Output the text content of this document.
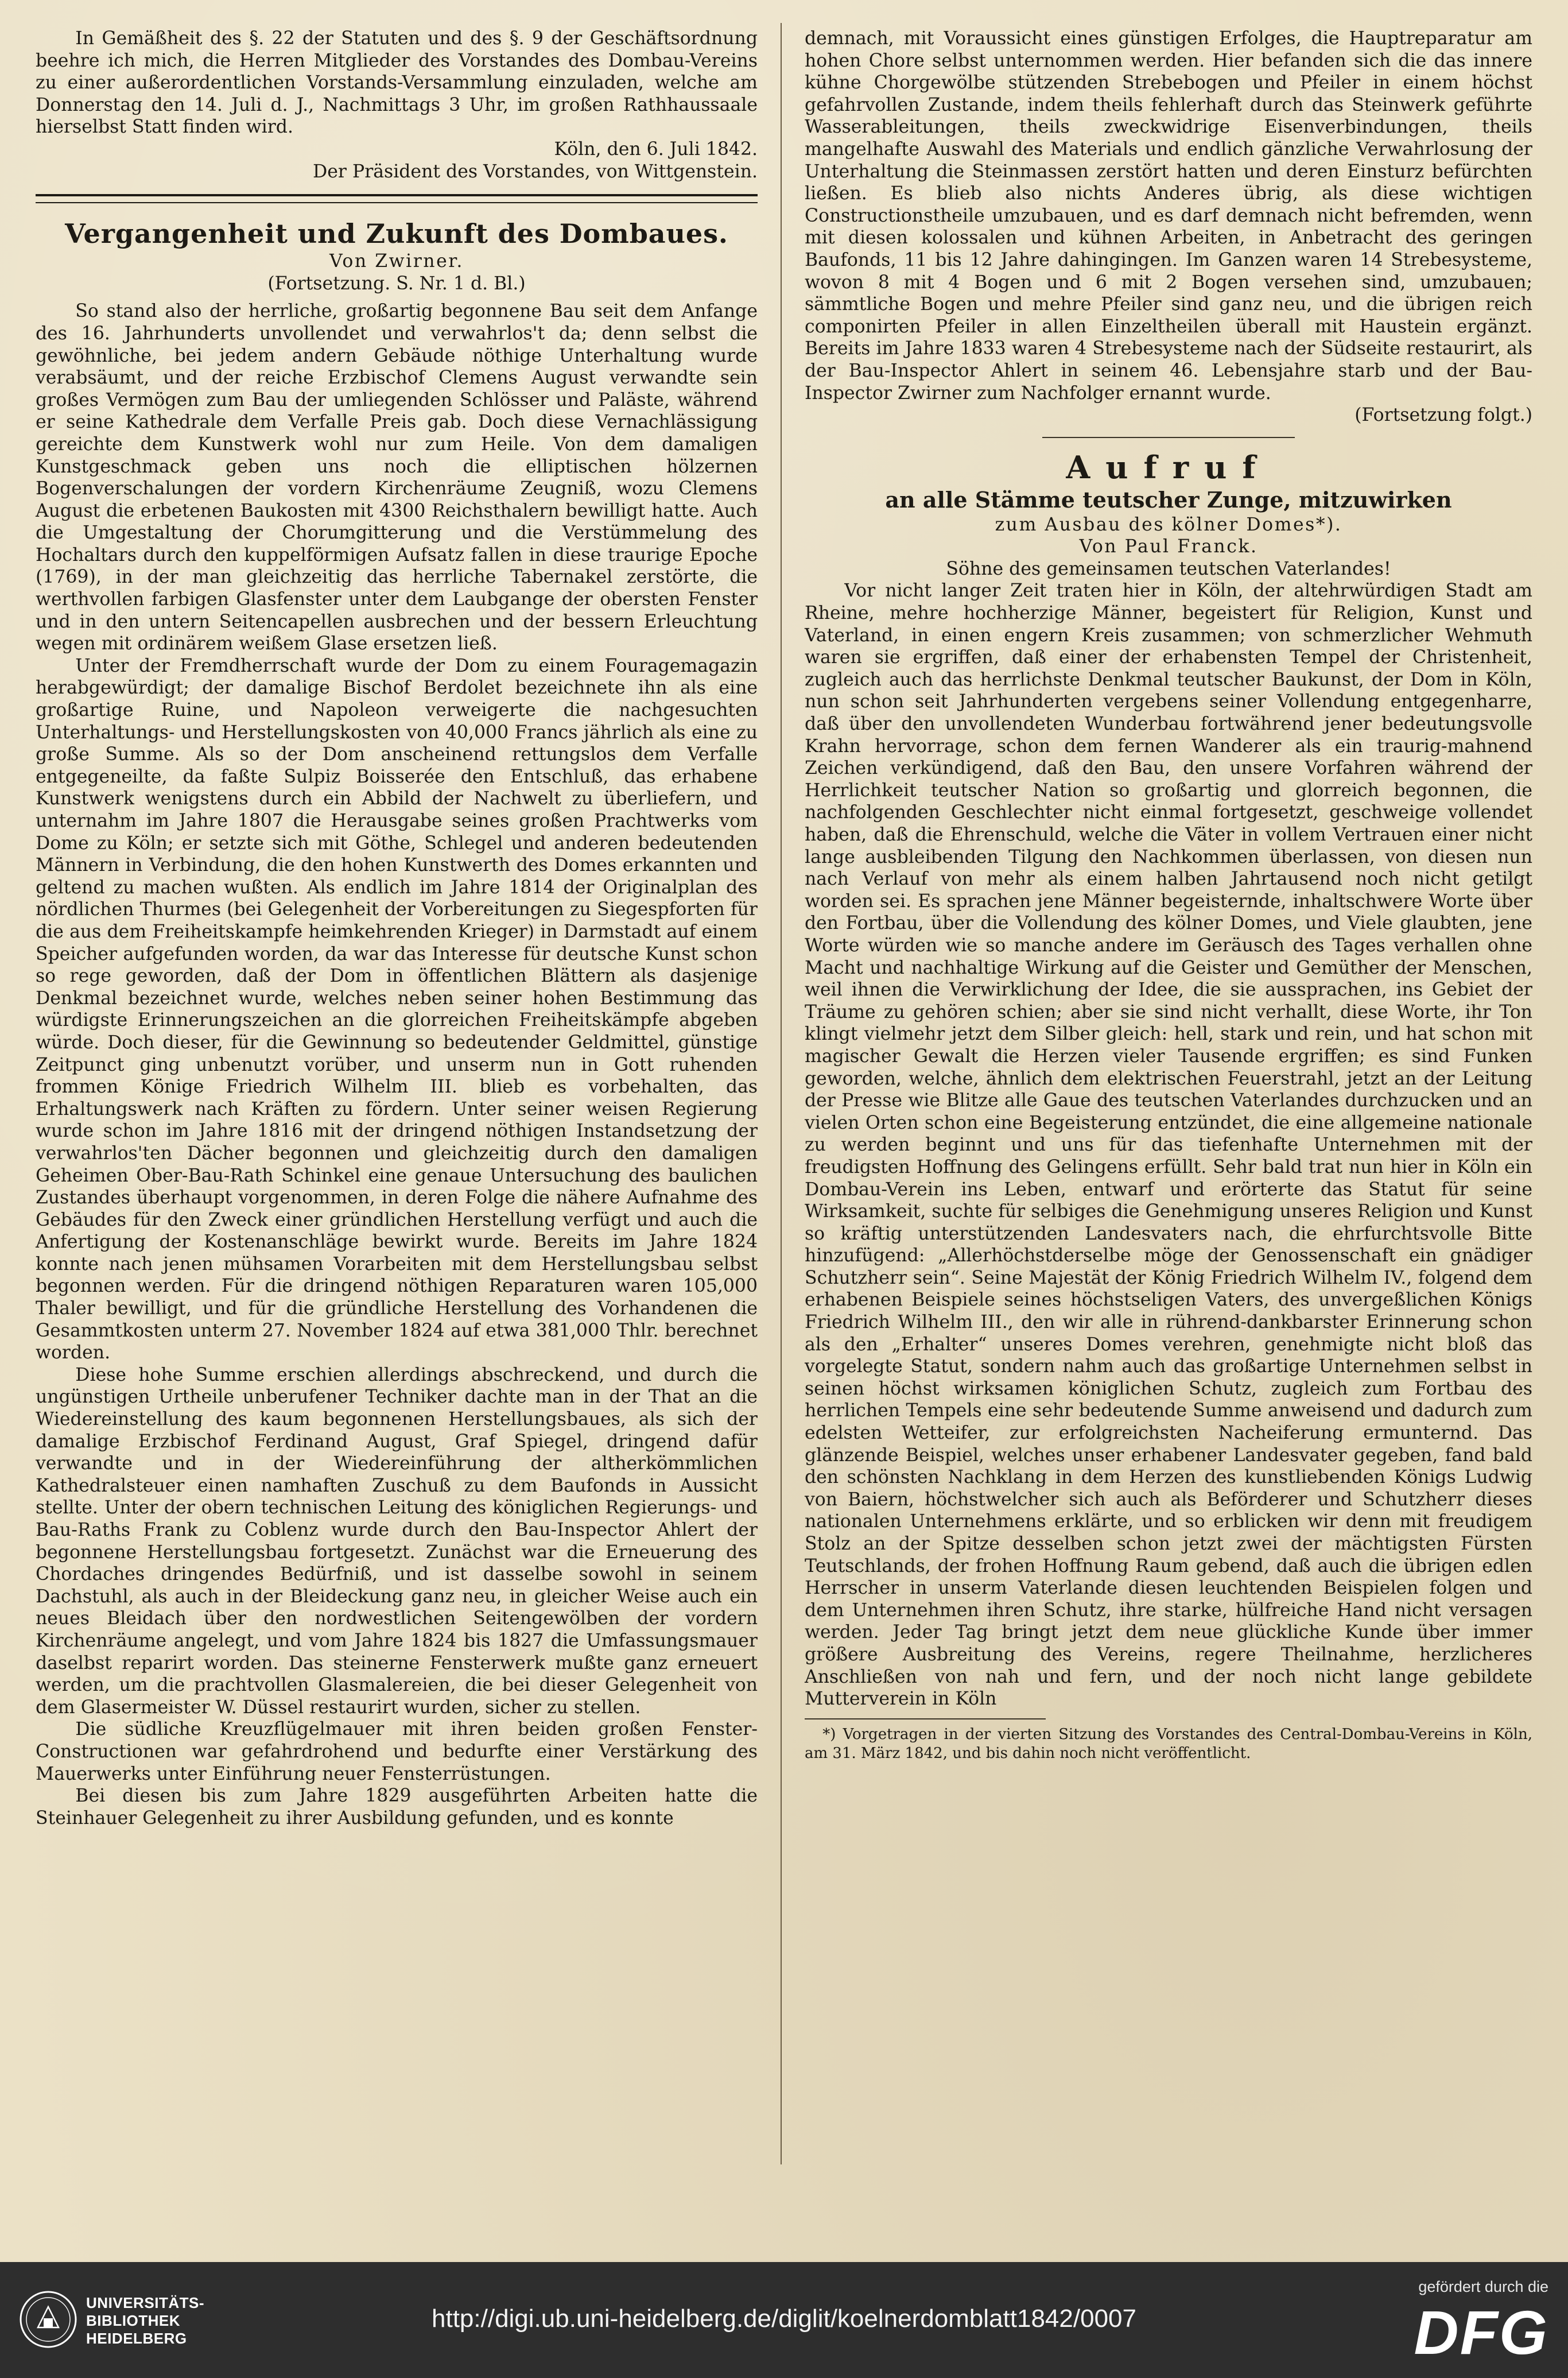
In Gemäßheit des §. 22 der Statuten und des §. 9 der Geschäftsordnung beehre ich mich, die Herren Mitglieder des Vorstandes des Dombau-Vereins zu einer außerordentlichen Vorstands-Versammlung einzuladen, welche am Donnerstag den 14. Juli d. J., Nachmittags 3 Uhr, im großen Rathhaussaale hierselbst Statt finden wird.

Köln, den 6. Juli 1842.

Der Präsident des Vorstandes, von Wittgenstein.

Vergangenheit und Zukunft des Dombaues.

Von Zwirner.

(Fortsetzung. S. Nr. 1 d. Bl.)

So stand also der herrliche, großartig begonnene Bau seit dem Anfange des 16. Jahrhunderts unvollendet und verwahrlos't da; denn selbst die gewöhnliche, bei jedem andern Gebäude nöthige Unterhaltung wurde verabsäumt, und der reiche Erzbischof Clemens August verwandte sein großes Vermögen zum Bau der umliegenden Schlösser und Paläste, während er seine Kathedrale dem Verfalle Preis gab. Doch diese Vernachlässigung gereichte dem Kunstwerk wohl nur zum Heile. Von dem damaligen Kunstgeschmack geben uns noch die elliptischen hölzernen Bogenverschalungen der vordern Kirchenräume Zeugniß, wozu Clemens August die erbetenen Baukosten mit 4300 Reichsthalern bewilligt hatte. Auch die Umgestaltung der Chorumgitterung und die Verstümmelung des Hochaltars durch den kuppelförmigen Aufsatz fallen in diese traurige Epoche (1769), in der man gleichzeitig das herrliche Tabernakel zerstörte, die werthvollen farbigen Glasfenster unter dem Laubgange der obersten Fenster und in den untern Seitencapellen ausbrechen und der bessern Erleuchtung wegen mit ordinärem weißem Glase ersetzen ließ.

Unter der Fremdherrschaft wurde der Dom zu einem Fouragemagazin herabgewürdigt; der damalige Bischof Berdolet bezeichnete ihn als eine großartige Ruine, und Napoleon verweigerte die nachgesuchten Unterhaltungs- und Herstellungskosten von 40,000 Francs jährlich als eine zu große Summe. Als so der Dom anscheinend rettungslos dem Verfalle entgegeneilte, da faßte Sulpiz Boisserée den Entschluß, das erhabene Kunstwerk wenigstens durch ein Abbild der Nachwelt zu überliefern, und unternahm im Jahre 1807 die Herausgabe seines großen Prachtwerks vom Dome zu Köln; er setzte sich mit Göthe, Schlegel und anderen bedeutenden Männern in Verbindung, die den hohen Kunstwerth des Domes erkannten und geltend zu machen wußten. Als endlich im Jahre 1814 der Originalplan des nördlichen Thurmes (bei Gelegenheit der Vorbereitungen zu Siegespforten für die aus dem Freiheitskampfe heimkehrenden Krieger) in Darmstadt auf einem Speicher aufgefunden worden, da war das Interesse für deutsche Kunst schon so rege geworden, daß der Dom in öffentlichen Blättern als dasjenige Denkmal bezeichnet wurde, welches neben seiner hohen Bestimmung das würdigste Erinnerungszeichen an die glorreichen Freiheitskämpfe abgeben würde. Doch dieser, für die Gewinnung so bedeutender Geldmittel, günstige Zeitpunct ging unbenutzt vorüber, und unserm nun in Gott ruhenden frommen Könige Friedrich Wilhelm III. blieb es vorbehalten, das Erhaltungswerk nach Kräften zu fördern. Unter seiner weisen Regierung wurde schon im Jahre 1816 mit der dringend nöthigen Instandsetzung der verwahrlos'ten Dächer begonnen und gleichzeitig durch den damaligen Geheimen Ober-Bau-Rath Schinkel eine genaue Untersuchung des baulichen Zustandes überhaupt vorgenommen, in deren Folge die nähere Aufnahme des Gebäudes für den Zweck einer gründlichen Herstellung verfügt und auch die Anfertigung der Kostenanschläge bewirkt wurde. Bereits im Jahre 1824 konnte nach jenen mühsamen Vorarbeiten mit dem Herstellungsbau selbst begonnen werden. Für die dringend nöthigen Reparaturen waren 105,000 Thaler bewilligt, und für die gründliche Herstellung des Vorhandenen die Gesammtkosten unterm 27. November 1824 auf etwa 381,000 Thlr. berechnet worden.

Diese hohe Summe erschien allerdings abschreckend, und durch die ungünstigen Urtheile unberufener Techniker dachte man in der That an die Wiedereinstellung des kaum begonnenen Herstellungsbaues, als sich der damalige Erzbischof Ferdinand August, Graf Spiegel, dringend dafür verwandte und in der Wiedereinführung der altherkömmlichen Kathedralsteuer einen namhaften Zuschuß zu dem Baufonds in Aussicht stellte. Unter der obern technischen Leitung des königlichen Regierungs- und Bau-Raths Frank zu Coblenz wurde durch den Bau-Inspector Ahlert der begonnene Herstellungsbau fortgesetzt. Zunächst war die Erneuerung des Chordaches dringendes Bedürfniß, und ist dasselbe sowohl in seinem Dachstuhl, als auch in der Bleideckung ganz neu, in gleicher Weise auch ein neues Bleidach über den nordwestlichen Seitengewölben der vordern Kirchenräume angelegt, und vom Jahre 1824 bis 1827 die Umfassungsmauer daselbst reparirt worden. Das steinerne Fensterwerk mußte ganz erneuert werden, um die prachtvollen Glasmalereien, die bei dieser Gelegenheit von dem Glasermeister W. Düssel restaurirt wurden, sicher zu stellen.

Die südliche Kreuzflügelmauer mit ihren beiden großen Fenster-Constructionen war gefahrdrohend und bedurfte einer Verstärkung des Mauerwerks unter Einführung neuer Fensterrüstungen.

Bei diesen bis zum Jahre 1829 ausgeführten Arbeiten hatte die Steinhauer Gelegenheit zu ihrer Ausbildung gefunden, und es konnte

demnach, mit Voraussicht eines günstigen Erfolges, die Hauptreparatur am hohen Chore selbst unternommen werden. Hier befanden sich die das innere kühne Chorgewölbe stützenden Strebebogen und Pfeiler in einem höchst gefahrvollen Zustande, indem theils fehlerhaft durch das Steinwerk geführte Wasserableitungen, theils zweckwidrige Eisenverbindungen, theils mangelhafte Auswahl des Materials und endlich gänzliche Verwahrlosung der Unterhaltung die Steinmassen zerstört hatten und deren Einsturz befürchten ließen. Es blieb also nichts Anderes übrig, als diese wichtigen Constructionstheile umzubauen, und es darf demnach nicht befremden, wenn mit diesen kolossalen und kühnen Arbeiten, in Anbetracht des geringen Baufonds, 11 bis 12 Jahre dahingingen. Im Ganzen waren 14 Strebesysteme, wovon 8 mit 4 Bogen und 6 mit 2 Bogen versehen sind, umzubauen; sämmtliche Bogen und mehre Pfeiler sind ganz neu, und die übrigen reich componirten Pfeiler in allen Einzeltheilen überall mit Haustein ergänzt. Bereits im Jahre 1833 waren 4 Strebesysteme nach der Südseite restaurirt, als der Bau-Inspector Ahlert in seinem 46. Lebensjahre starb und der Bau-Inspector Zwirner zum Nachfolger ernannt wurde.

(Fortsetzung folgt.)

Aufruf
an alle Stämme teutscher Zunge, mitzuwirken

zum Ausbau des kölner Domes*).

Von Paul Franck.

Söhne des gemeinsamen teutschen Vaterlandes!

Vor nicht langer Zeit traten hier in Köln, der altehrwürdigen Stadt am Rheine, mehre hochherzige Männer, begeistert für Religion, Kunst und Vaterland, in einen engern Kreis zusammen; von schmerzlicher Wehmuth waren sie ergriffen, daß einer der erhabensten Tempel der Christenheit, zugleich auch das herrlichste Denkmal teutscher Baukunst, der Dom in Köln, nun schon seit Jahrhunderten vergebens seiner Vollendung entgegenharre, daß über den unvollendeten Wunderbau fortwährend jener bedeutungsvolle Krahn hervorrage, schon dem fernen Wanderer als ein traurig-mahnend Zeichen verkündigend, daß den Bau, den unsere Vorfahren während der Herrlichkeit teutscher Nation so großartig und glorreich begonnen, die nachfolgenden Geschlechter nicht einmal fortgesetzt, geschweige vollendet haben, daß die Ehrenschuld, welche die Väter in vollem Vertrauen einer nicht lange ausbleibenden Tilgung den Nachkommen überlassen, von diesen nun nach Verlauf von mehr als einem halben Jahrtausend noch nicht getilgt worden sei. Es sprachen jene Männer begeisternde, inhaltschwere Worte über den Fortbau, über die Vollendung des kölner Domes, und Viele glaubten, jene Worte würden wie so manche andere im Geräusch des Tages verhallen ohne Macht und nachhaltige Wirkung auf die Geister und Gemüther der Menschen, weil ihnen die Verwirklichung der Idee, die sie aussprachen, ins Gebiet der Träume zu gehören schien; aber sie sind nicht verhallt, diese Worte, ihr Ton klingt vielmehr jetzt dem Silber gleich: hell, stark und rein, und hat schon mit magischer Gewalt die Herzen vieler Tausende ergriffen; es sind Funken geworden, welche, ähnlich dem elektrischen Feuerstrahl, jetzt an der Leitung der Presse wie Blitze alle Gaue des teutschen Vaterlandes durchzucken und an vielen Orten schon eine Begeisterung entzündet, die eine allgemeine nationale zu werden beginnt und uns für das tiefenhafte Unternehmen mit der freudigsten Hoffnung des Gelingens erfüllt. Sehr bald trat nun hier in Köln ein Dombau-Verein ins Leben, entwarf und erörterte das Statut für seine Wirksamkeit, suchte für selbiges die Genehmigung unseres Religion und Kunst so kräftig unterstützenden Landesvaters nach, die ehrfurchtsvolle Bitte hinzufügend: „Allerhöchstderselbe möge der Genossenschaft ein gnädiger Schutzherr sein“. Seine Majestät der König Friedrich Wilhelm IV., folgend dem erhabenen Beispiele seines höchstseligen Vaters, des unvergeßlichen Königs Friedrich Wilhelm III., den wir alle in rührend-dankbarster Erinnerung schon als den „Erhalter“ unseres Domes verehren, genehmigte nicht bloß das vorgelegte Statut, sondern nahm auch das großartige Unternehmen selbst in seinen höchst wirksamen königlichen Schutz, zugleich zum Fortbau des herrlichen Tempels eine sehr bedeutende Summe anweisend und dadurch zum edelsten Wetteifer, zur erfolgreichsten Nacheiferung ermunternd. Das glänzende Beispiel, welches unser erhabener Landesvater gegeben, fand bald den schönsten Nachklang in dem Herzen des kunstliebenden Königs Ludwig von Baiern, höchstwelcher sich auch als Beförderer und Schutzherr dieses nationalen Unternehmens erklärte, und so erblicken wir denn mit freudigem Stolz an der Spitze desselben schon jetzt zwei der mächtigsten Fürsten Teutschlands, der frohen Hoffnung Raum gebend, daß auch die übrigen edlen Herrscher in unserm Vaterlande diesen leuchtenden Beispielen folgen und dem Unternehmen ihren Schutz, ihre starke, hülfreiche Hand nicht versagen werden. Jeder Tag bringt jetzt dem neue glückliche Kunde über immer größere Ausbreitung des Vereins, regere Theilnahme, herzlicheres Anschließen von nah und fern, und der noch nicht lange gebildete Mutterverein in Köln

*) Vorgetragen in der vierten Sitzung des Vorstandes des Central-Dombau-Vereins in Köln, am 31. März 1842, und bis dahin noch nicht veröffentlicht.

UNIVERSITÄTS-
BIBLIOTHEK
HEIDELBERG
http://digi.ub.uni-heidelberg.de/diglit/koelnerdomblatt1842/0007
gefördert durch die
DFG
